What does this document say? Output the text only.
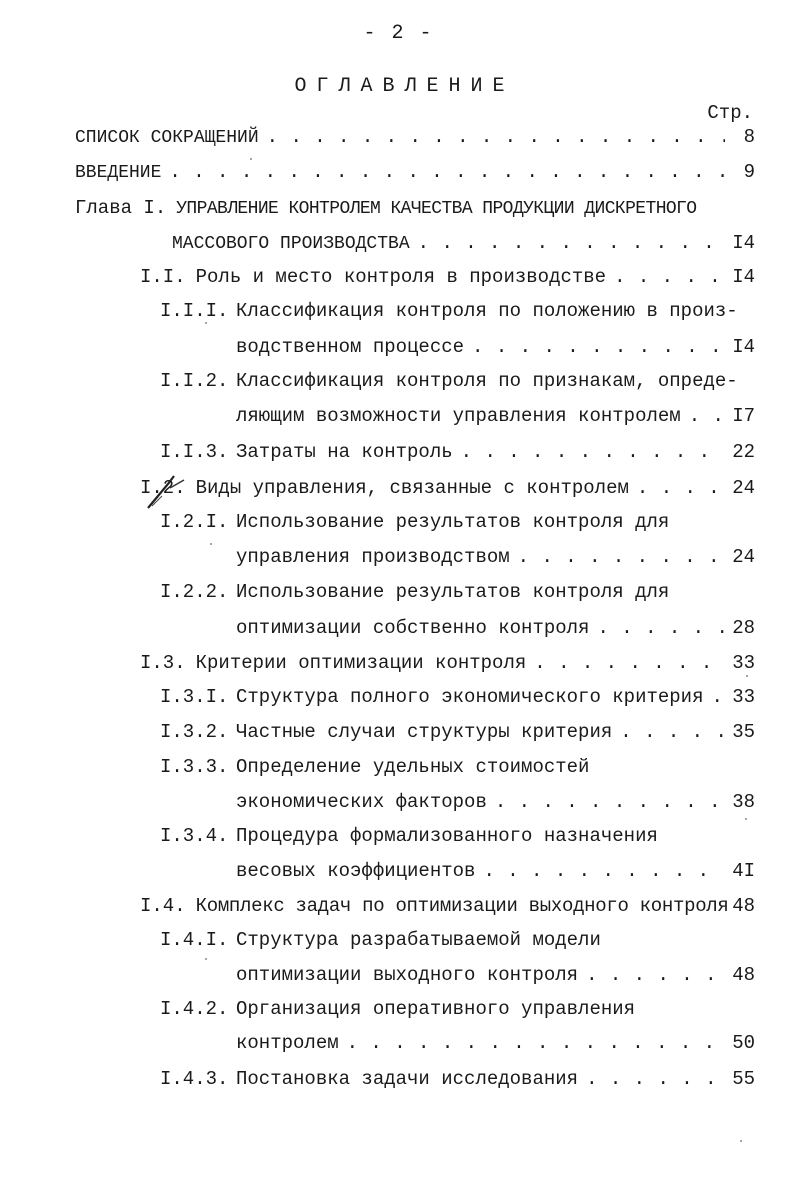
- 2 -
ОГЛАВЛЕНИЕ
Стр.
СПИСОК СОКРАЩЕНИЙ . . .	8
ВВЕДЕНИЕ . . .	9
Глава I. УПРАВЛЕНИЕ КОНТРОЛЕМ КАЧЕСТВА ПРОДУКЦИИ ДИСКРЕТНОГО
МАССОВОГО ПРОИЗВОДСТВА . . .	I4
I.I. Роль и место контроля в производстве . . .	I4
I.I.I. Классификация контроля по положению в произ-
водственном процессе . . .	I4
I.I.2. Классификация контроля по признакам, опреде-
ляющим возможности управления контролем . . .	I7
I.I.3. Затраты на контроль . . .	22
I.2. Виды управления, связанные с контролем . . .	24
I.2.I. Использование результатов контроля для
управления производством . . .	24
I.2.2. Использование результатов контроля для
оптимизации собственно контроля . . .	28
I.3. Критерии оптимизации контроля . . .	33
I.3.I. Структура полного экономического критерия . . . 33
I.3.2. Частные случаи структуры критерия . . .	35
I.3.3. Определение удельных стоимостей
экономических факторов . . .	38
I.3.4. Процедура формализованного назначения
весовых коэффициентов . . .	4I
I.4. Комплекс задач по оптимизации выходного контроля 48
I.4.I. Структура разрабатываемой модели
оптимизации выходного контроля . . .	48
I.4.2. Организация оперативного управления
контролем . . .	50
I.4.3. Постановка задачи исследования . . .	55
